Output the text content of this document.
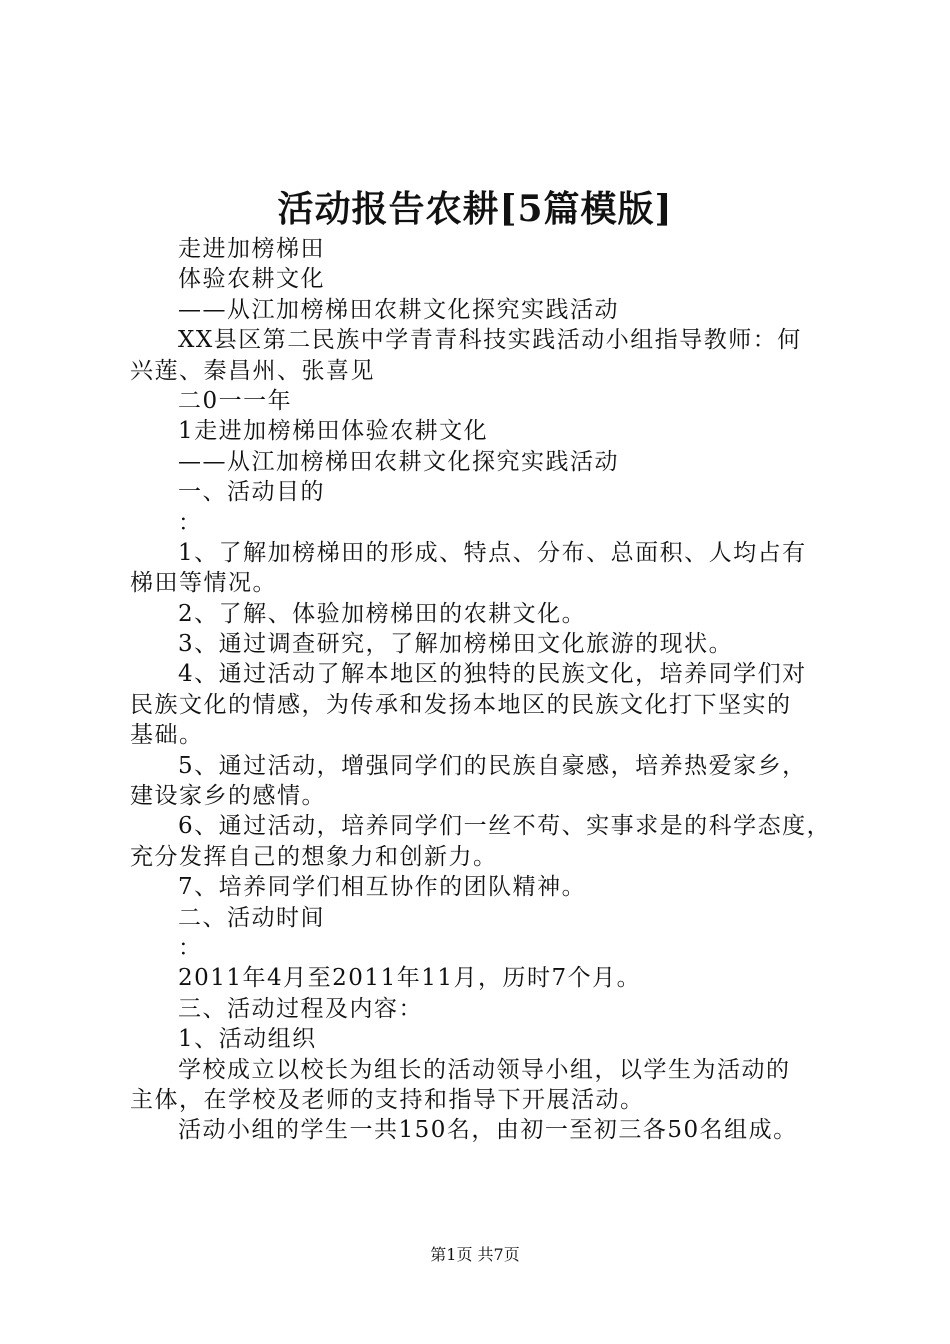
活动报告农耕[5篇模版]
走进加榜梯田
体验农耕文化
——从江加榜梯田农耕文化探究实践活动
XX县区第二民族中学青青科技实践活动小组指导教师：何
兴莲、秦昌州、张喜见
二0一一年
1走进加榜梯田体验农耕文化
——从江加榜梯田农耕文化探究实践活动
一、活动目的
：
1、了解加榜梯田的形成、特点、分布、总面积、人均占有
梯田等情况。
2、了解、体验加榜梯田的农耕文化。
3、通过调查研究，了解加榜梯田文化旅游的现状。
4、通过活动了解本地区的独特的民族文化，培养同学们对
民族文化的情感，为传承和发扬本地区的民族文化打下坚实的
基础。
5、通过活动，增强同学们的民族自豪感，培养热爱家乡，
建设家乡的感情。
6、通过活动，培养同学们一丝不苟、实事求是的科学态度，
充分发挥自己的想象力和创新力。
7、培养同学们相互协作的团队精神。
二、活动时间
：
2011年4月至2011年11月，历时7个月。
三、活动过程及内容：
1、活动组织
学校成立以校长为组长的活动领导小组，以学生为活动的
主体，在学校及老师的支持和指导下开展活动。
活动小组的学生一共150名，由初一至初三各50名组成。
第1页 共7页
